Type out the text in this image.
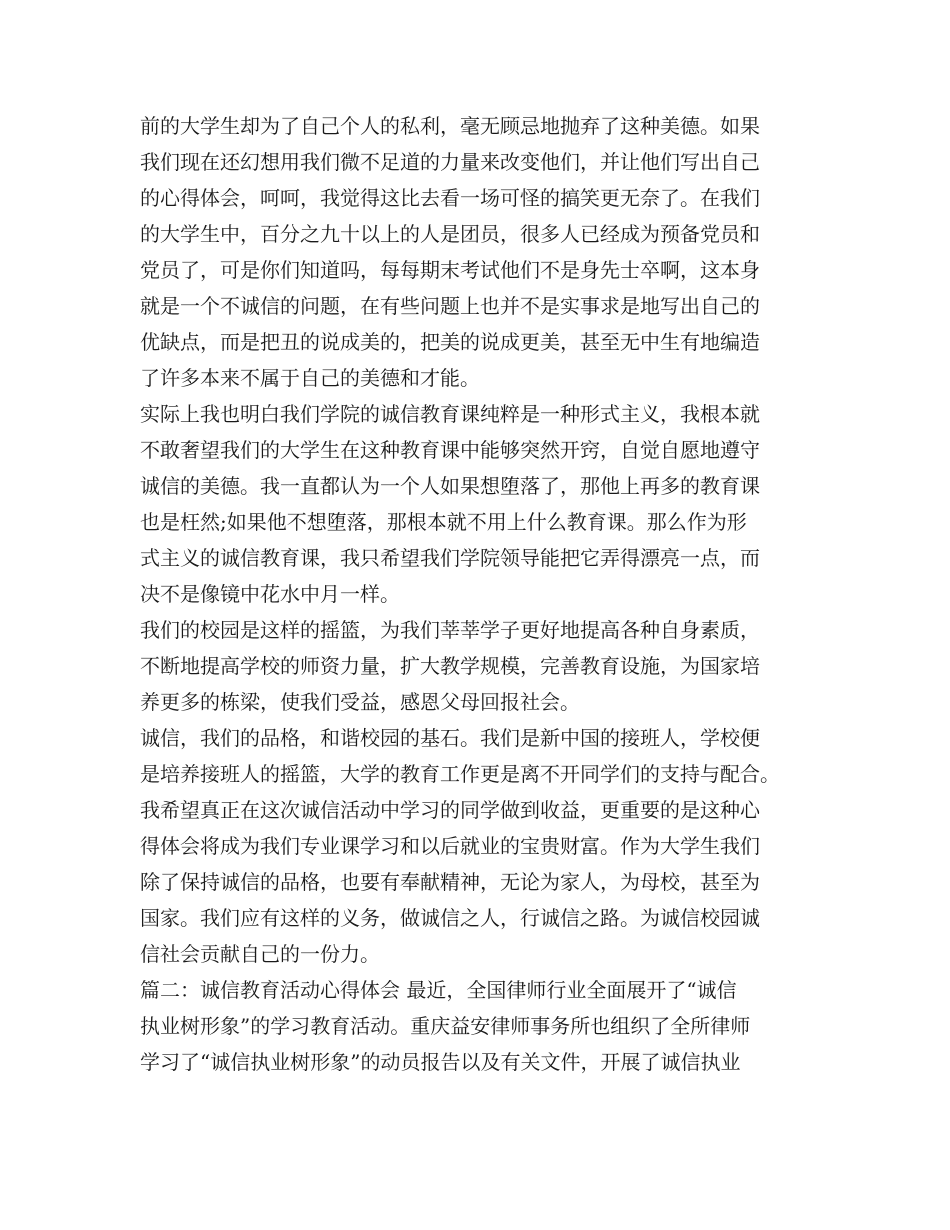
前的大学生却为了自己个人的私利，毫无顾忌地抛弃了这种美德。如果
我们现在还幻想用我们微不足道的力量来改变他们，并让他们写出自己
的心得体会，呵呵，我觉得这比去看一场可怪的搞笑更无奈了。在我们
的大学生中，百分之九十以上的人是团员，很多人已经成为预备党员和
党员了，可是你们知道吗，每每期末考试他们不是身先士卒啊，这本身
就是一个不诚信的问题，在有些问题上也并不是实事求是地写出自己的
优缺点，而是把丑的说成美的，把美的说成更美，甚至无中生有地编造
了许多本来不属于自己的美德和才能。
实际上我也明白我们学院的诚信教育课纯粹是一种形式主义，我根本就
不敢奢望我们的大学生在这种教育课中能够突然开窍，自觉自愿地遵守
诚信的美德。我一直都认为一个人如果想堕落了，那他上再多的教育课
也是枉然;如果他不想堕落，那根本就不用上什么教育课。那么作为形
式主义的诚信教育课，我只希望我们学院领导能把它弄得漂亮一点，而
决不是像镜中花水中月一样。
我们的校园是这样的摇篮，为我们莘莘学子更好地提高各种自身素质，
不断地提高学校的师资力量，扩大教学规模，完善教育设施，为国家培
养更多的栋梁，使我们受益，感恩父母回报社会。
诚信，我们的品格，和谐校园的基石。我们是新中国的接班人，学校便
是培养接班人的摇篮，大学的教育工作更是离不开同学们的支持与配合。
我希望真正在这次诚信活动中学习的同学做到收益，更重要的是这种心
得体会将成为我们专业课学习和以后就业的宝贵财富。作为大学生我们
除了保持诚信的品格，也要有奉献精神，无论为家人，为母校，甚至为
国家。我们应有这样的义务，做诚信之人，行诚信之路。为诚信校园诚
信社会贡献自己的一份力。
篇二：诚信教育活动心得体会 最近，全国律师行业全面展开了“诚信
执业树形象”的学习教育活动。重庆益安律师事务所也组织了全所律师
学习了“诚信执业树形象”的动员报告以及有关文件，开展了诚信执业
